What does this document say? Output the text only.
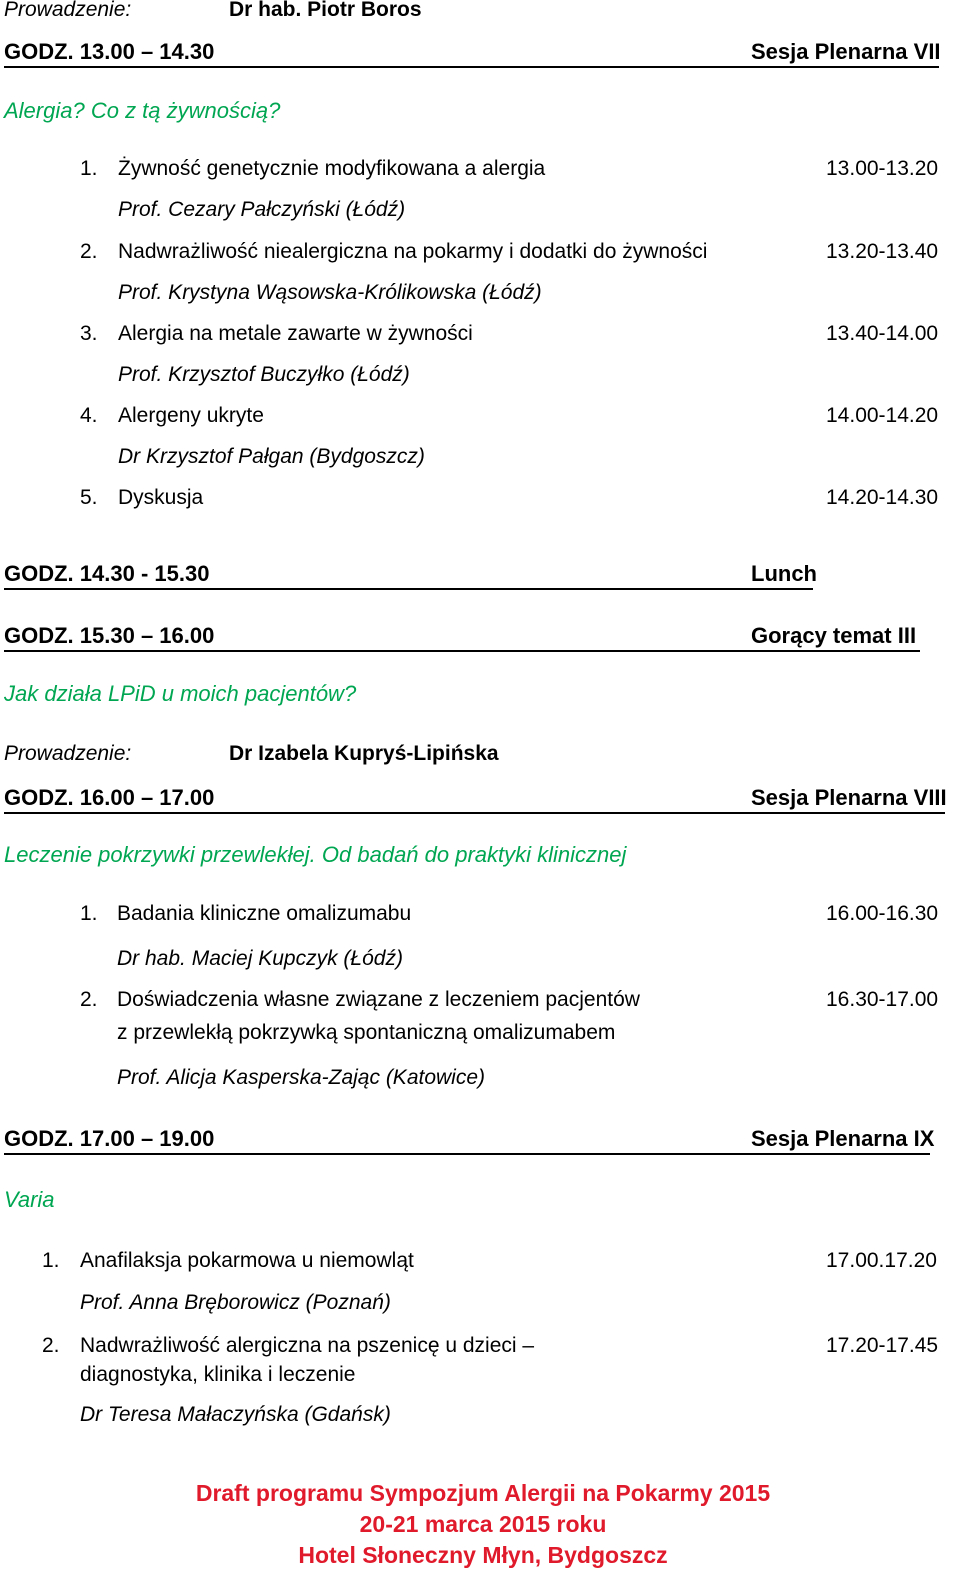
Prowadzenie:	Dr hab. Piotr Boros
GODZ. 13.00 – 14.30	Sesja Plenarna VII
Alergia? Co z tą żywnością?
1. Żywność genetycznie modyfikowana a alergia	13.00-13.20
Prof. Cezary Pałczyński (Łódź)
2. Nadwrażliwość niealergiczna na pokarmy i dodatki do żywności	13.20-13.40
Prof. Krystyna Wąsowska-Królikowska (Łódź)
3. Alergia na metale zawarte w żywności	13.40-14.00
Prof. Krzysztof Buczyłko (Łódź)
4. Alergeny ukryte	14.00-14.20
Dr Krzysztof Pałgan (Bydgoszcz)
5. Dyskusja	14.20-14.30
GODZ. 14.30 - 15.30	Lunch
GODZ. 15.30 – 16.00	Gorący temat III
Jak działa LPiD u moich pacjentów?
Prowadzenie:	Dr Izabela Kupryś-Lipińska
GODZ. 16.00 – 17.00	Sesja Plenarna VIII
Leczenie pokrzywki przewlekłej. Od badań do praktyki klinicznej
1. Badania kliniczne omalizumabu	16.00-16.30
Dr hab. Maciej Kupczyk (Łódź)
2. Doświadczenia własne związane z leczeniem pacjentów
z przewlekłą pokrzywką spontaniczną omalizumabem
16.30-17.00
Prof. Alicja Kasperska-Zając (Katowice)
GODZ. 17.00 – 19.00	Sesja Plenarna IX
Varia
1. Anafilaksja pokarmowa u niemowląt	17.00.17.20
Prof. Anna Bręborowicz (Poznań)
2. Nadwrażliwość alergiczna na pszenicę u dzieci –
diagnostyka, klinika i leczenie
17.20-17.45
Dr Teresa Małaczyńska (Gdańsk)
Draft programu Sympozjum Alergii na Pokarmy 2015
20-21 marca 2015 roku
Hotel Słoneczny Młyn, Bydgoszcz
